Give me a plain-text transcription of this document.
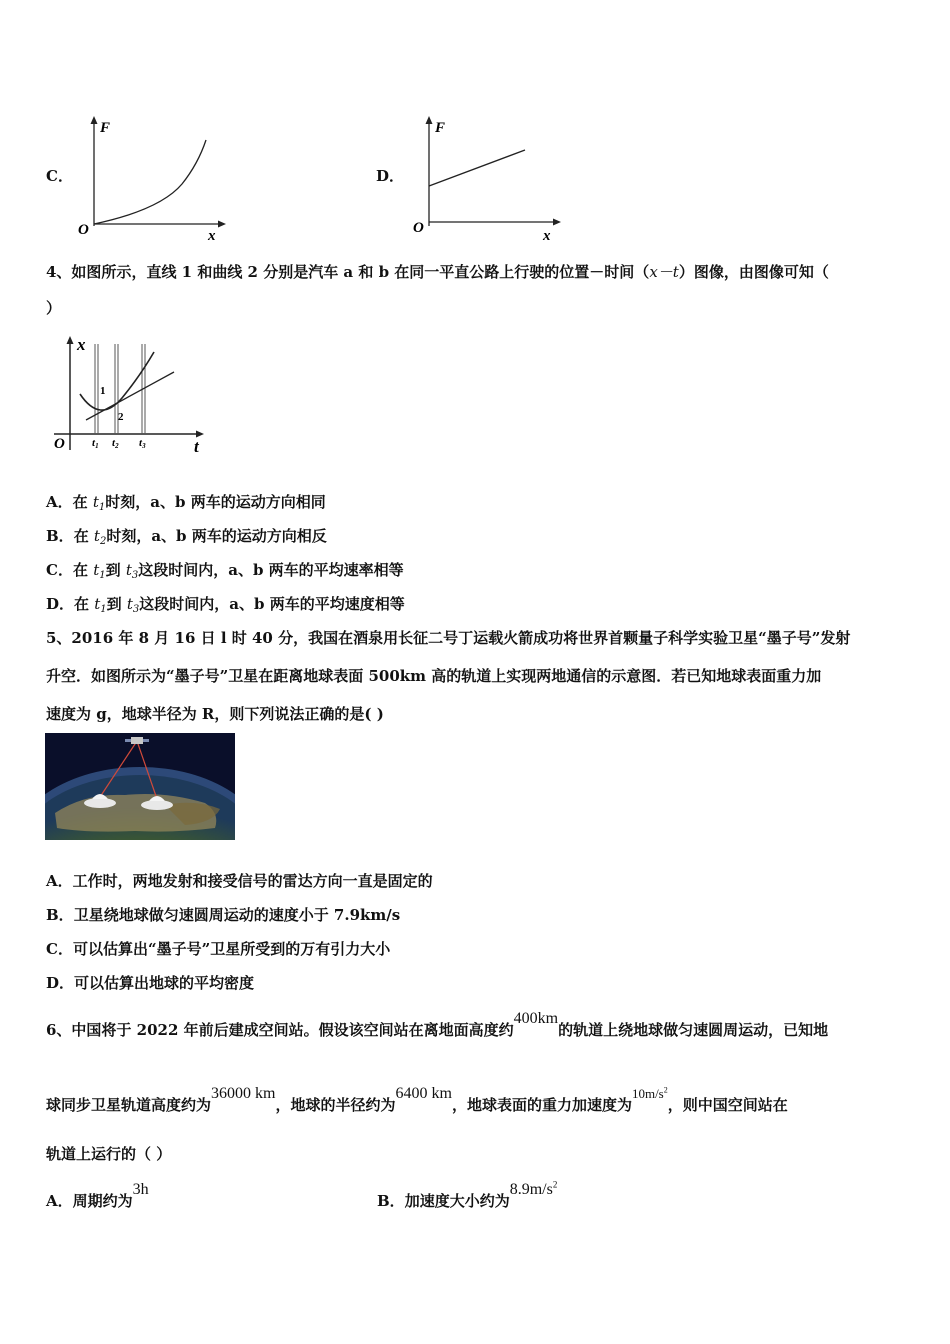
C．
F
x
O
D．
F
x
O
4、如图所示，直线 1 和曲线 2 分别是汽车 a 和 b 在同一平直公路上行驶的位置－时间（x－t）图像，由图像可知（
）
1
2
x
t
O t1 t2 t3
A．在 $t_1$时刻，a、b 两车的运动方向相同
B．在 $t_2$时刻，a、b 两车的运动方向相反
C．在 $t_1$到 $t_3$这段时间内，a、b 两车的平均速率相等
D．在 $t_1$到 $t_3$这段时间内，a、b 两车的平均速度相等
5、2016 年 8 月 16 日 l 时 40 分，我国在酒泉用长征二号丁运载火箭成功将世界首颗量子科学实验卫星“墨子号”发射
升空．如图所示为“墨子号”卫星在距离地球表面 500km 高的轨道上实现两地通信的示意图．若已知地球表面重力加
速度为 g，地球半径为 R，则下列说法正确的是( )
A．工作时，两地发射和接受信号的雷达方向一直是固定的
B．卫星绕地球做匀速圆周运动的速度小于 7.9km/s
C．可以估算出“墨子号”卫星所受到的万有引力大小
D．可以估算出地球的平均密度
6、中国将于 2022 年前后建成空间站。假设该空间站在离地面高度约400km的轨道上绕地球做匀速圆周运动，已知地
球同步卫星轨道高度约为36000 km，地球的半径约为6400 km，地球表面的重力加速度为$10m/s^2$，则中国空间站在
轨道上运行的（ ）
A．周期约为3h
B．加速度大小约为$8.9m/s^2$
